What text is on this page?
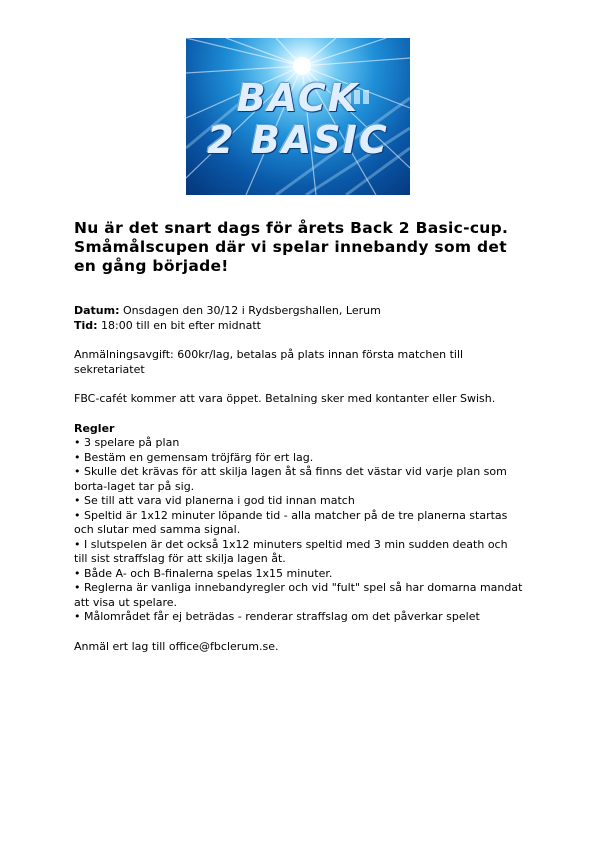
BACK
2 BASIC
Nu är det snart dags för årets Back 2 Basic-cup. Småmålscupen där vi spelar innebandy som det en gång började!

Datum: Onsdagen den 30/12 i Rydsbergshallen, Lerum

Tid: 18:00 till en bit efter midnatt

Anmälningsavgift: 600kr/lag, betalas på plats innan första matchen till sekretariatet

FBC-cafét kommer att vara öppet. Betalning sker med kontanter eller Swish.

Regler

• 3 spelare på plan
• Bestäm en gemensam tröjfärg för ert lag.
• Skulle det krävas för att skilja lagen åt så finns det västar vid varje plan som borta-laget tar på sig.
• Se till att vara vid planerna i god tid innan match
• Speltid är 1x12 minuter löpande tid - alla matcher på de tre planerna startas och slutar med samma signal.
• I slutspelen är det också 1x12 minuters speltid med 3 min sudden death och till sist straffslag för att skilja lagen åt.
• Både A- och B-finalerna spelas 1x15 minuter.
• Reglerna är vanliga innebandyregler och vid "fult" spel så har domarna mandat att visa ut spelare.
• Målområdet får ej beträdas - renderar straffslag om det påverkar spelet

Anmäl ert lag till office@fbclerum.se.
